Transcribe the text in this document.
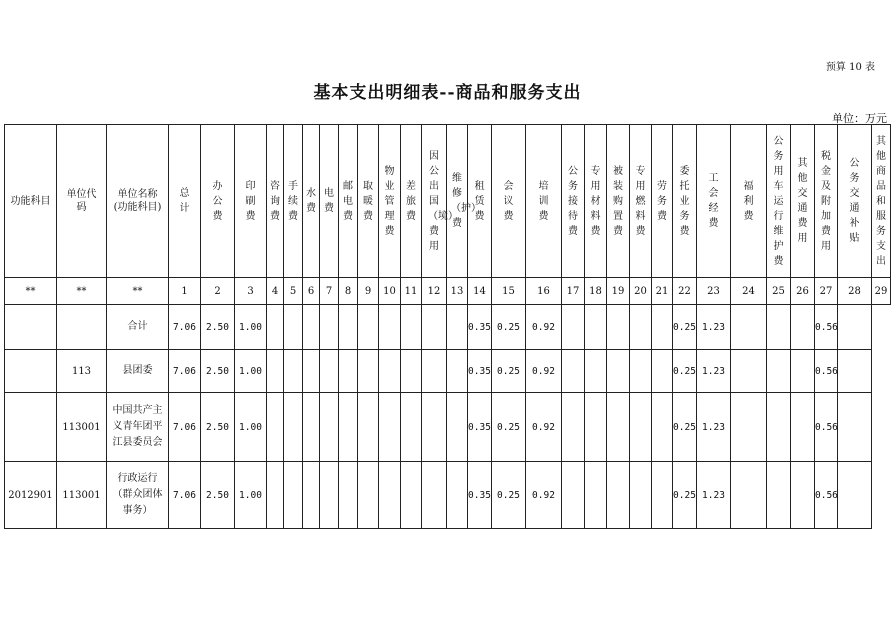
预算 10 表
基本支出明细表--商品和服务支出
单位：万元
功能科目	单位代码	单位名称
(功能科目)	总计	办公费	印刷费	咨询费	手续费	水费	电费	邮电费	取暖费	物业管理费	差旅费	因公出国（境）费用	维修（护）费	租赁费	会议费	培训费	公务接待费	专用材料费	被装购置费	专用燃料费	劳务费	委托业务费	工会经费	福利费	公务用车运行维护费	其他交通费用	税金及附加费用	公务交通补贴	其他商品和服务支出
**	**	**	1	2	3	4	5	6	7	8	9	10	11	12	13	14	15	16	17	18	19	20	21	22	23	24	25	26	27	28	29
		合计	7.06	2.50	1.00											0.35	0.25	0.92						0.25	1.23				0.56		
	113	县团委	7.06	2.50	1.00											0.35	0.25	0.92						0.25	1.23				0.56		
	113001	中国共产主义青年团平江县委员会	7.06	2.50	1.00											0.35	0.25	0.92						0.25	1.23				0.56		
2012901	113001	行政运行（群众团体事务）	7.06	2.50	1.00											0.35	0.25	0.92						0.25	1.23				0.56		
